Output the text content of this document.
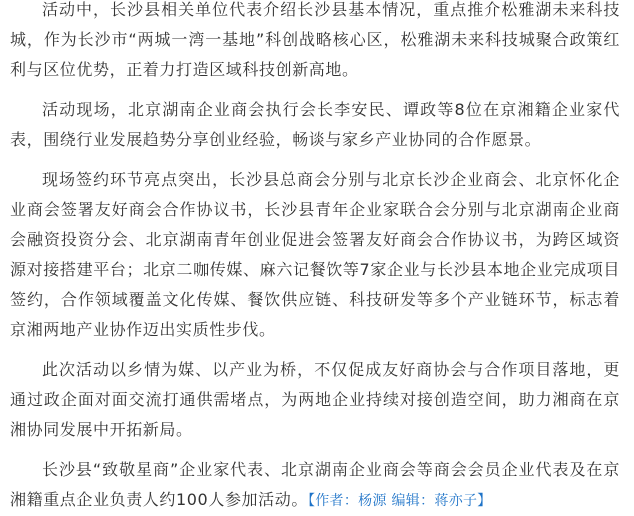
活动中，长沙县相关单位代表介绍长沙县基本情况，重点推介松雅湖未来科技城，作为长沙市“两城一湾一基地”科创战略核心区，松雅湖未来科技城聚合政策红利与区位优势，正着力打造区域科技创新高地。

活动现场，北京湖南企业商会执行会长李安民、谭政等8位在京湘籍企业家代表，围绕行业发展趋势分享创业经验，畅谈与家乡产业协同的合作愿景。

现场签约环节亮点突出，长沙县总商会分别与北京长沙企业商会、北京怀化企业商会签署友好商会合作协议书，长沙县青年企业家联合会分别与北京湖南企业商会融资投资分会、北京湖南青年创业促进会签署友好商会合作协议书，为跨区域资源对接搭建平台；北京二咖传媒、麻六记餐饮等7家企业与长沙县本地企业完成项目签约，合作领域覆盖文化传媒、餐饮供应链、科技研发等多个产业链环节，标志着京湘两地产业协作迈出实质性步伐。

此次活动以乡情为媒、以产业为桥，不仅促成友好商协会与合作项目落地，更通过政企面对面交流打通供需堵点，为两地企业持续对接创造空间，助力湘商在京湘协同发展中开拓新局。

长沙县“致敬星商”企业家代表、北京湖南企业商会等商会会员企业代表及在京湘籍重点企业负责人约100人参加活动。【作者：杨源 编辑：蒋亦子】
